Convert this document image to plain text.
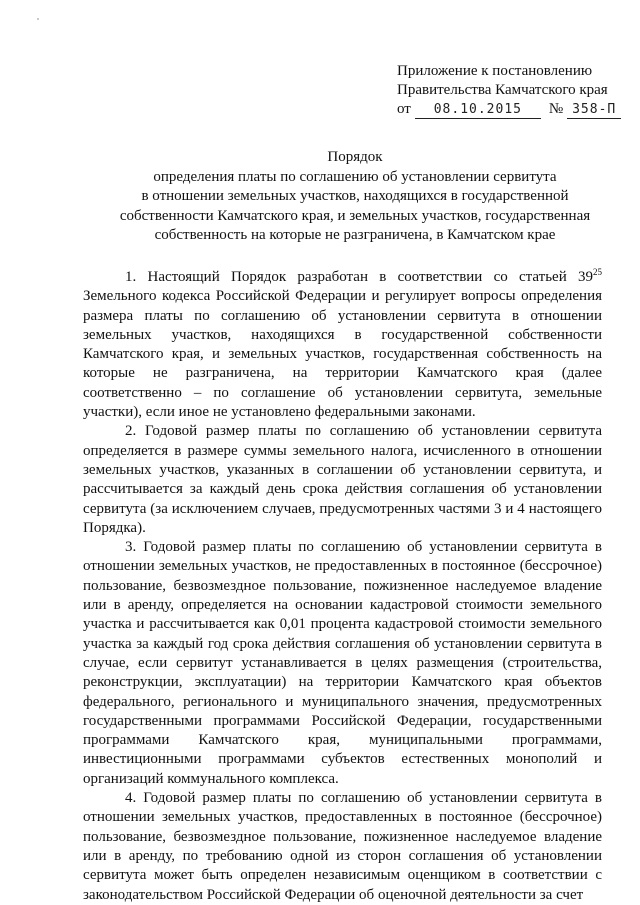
Приложение к постановлению
Правительства Камчатского края
от 08.10.2015 № 358-П
Порядок
определения платы по соглашению об установлении сервитута
в отношении земельных участков, находящихся в государственной
собственности Камчатского края, и земельных участков, государственная
собственность на которые не разграничена, в Камчатском крае

1. Настоящий Порядок разработан в соответствии со статьей $39^{25}$ Земельного кодекса Российской Федерации и регулирует вопросы определения размера платы по соглашению об установлении сервитута в отношении земельных участков, находящихся в государственной собственности Камчатского края, и земельных участков, государственная собственность на которые не разграничена, на территории Камчатского края (далее соответственно – по соглашение об установлении сервитута, земельные участки), если иное не установлено федеральными законами.

2. Годовой размер платы по соглашению об установлении сервитута определяется в размере суммы земельного налога, исчисленного в отношении земельных участков, указанных в соглашении об установлении сервитута, и рассчитывается за каждый день срока действия соглашения об установлении сервитута (за исключением случаев, предусмотренных частями 3 и 4 настоящего Порядка).

3. Годовой размер платы по соглашению об установлении сервитута в отношении земельных участков, не предоставленных в постоянное (бессрочное) пользование, безвозмездное пользование, пожизненное наследуемое владение или в аренду, определяется на основании кадастровой стоимости земельного участка и рассчитывается как 0,01 процента кадастровой стоимости земельного участка за каждый год срока действия соглашения об установлении сервитута в случае, если сервитут устанавливается в целях размещения (строительства, реконструкции, эксплуатации) на территории Камчатского края объектов федерального, регионального и муниципального значения, предусмотренных государственными программами Российской Федерации, государственными программами Камчатского края, муниципальными программами, инвестиционными программами субъектов естественных монополий и организаций коммунального комплекса.

4. Годовой размер платы по соглашению об установлении сервитута в отношении земельных участков, предоставленных в постоянное (бессрочное) пользование, безвозмездное пользование, пожизненное наследуемое владение или в аренду, по требованию одной из сторон соглашения об установлении сервитута может быть определен независимым оценщиком в соответствии с законодательством Российской Федерации об оценочной деятельности за счет
